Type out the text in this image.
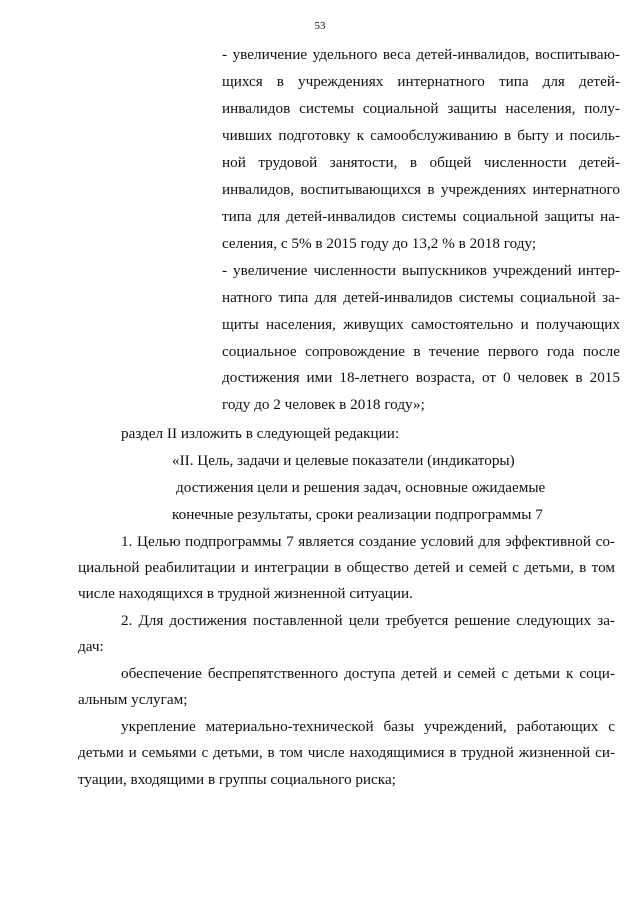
53
- увеличение удельного веса детей-инвалидов, воспитываю-
щихся в учреждениях интернатного типа для детей-
инвалидов системы социальной защиты населения, полу-
чивших подготовку к самообслуживанию в быту и посиль-
ной трудовой занятости, в общей численности детей-
инвалидов, воспитывающихся в учреждениях интернатного
типа для детей-инвалидов системы социальной защиты на-
селения, с 5% в 2015 году до 13,2 % в 2018 году;
- увеличение численности выпускников учреждений интер-
натного типа для детей-инвалидов системы социальной за-
щиты населения, живущих самостоятельно и получающих
социальное сопровождение в течение первого года после
достижения ими 18-летнего возраста, от 0 человек в 2015
году до 2 человек в 2018 году»;
раздел II изложить в следующей редакции:
«II. Цель, задачи и целевые показатели (индикаторы)
достижения цели и решения задач, основные ожидаемые
конечные результаты, сроки реализации подпрограммы 7
1. Целью подпрограммы 7 является создание условий для эффективной со-
циальной реабилитации и интеграции в общество детей и семей с детьми, в том
числе находящихся в трудной жизненной ситуации.
2. Для достижения поставленной цели требуется решение следующих за-
дач:
обеспечение беспрепятственного доступа детей и семей с детьми к соци-
альным услугам;
укрепление материально-технической базы учреждений, работающих с
детьми и семьями с детьми, в том числе находящимися в трудной жизненной си-
туации, входящими в группы социального риска;
